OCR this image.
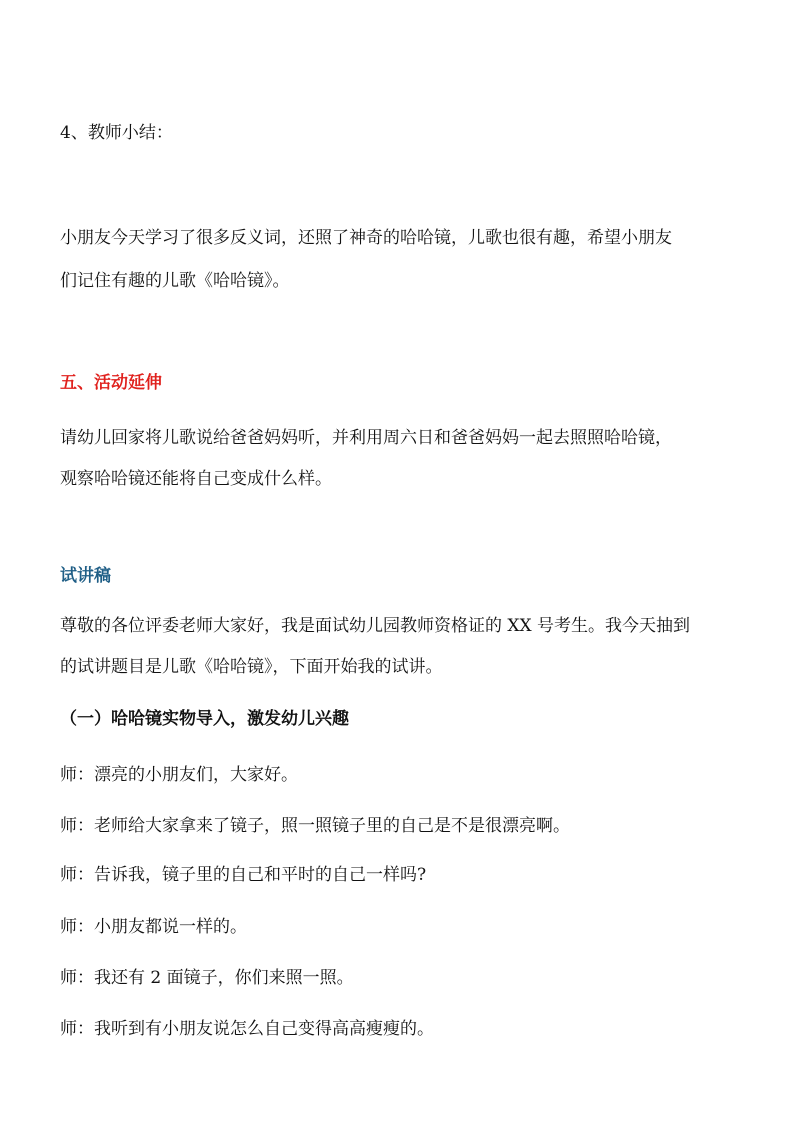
4、教师小结：
小朋友今天学习了很多反义词，还照了神奇的哈哈镜，儿歌也很有趣，希望小朋友
们记住有趣的儿歌《哈哈镜》。
五、活动延伸
请幼儿回家将儿歌说给爸爸妈妈听，并利用周六日和爸爸妈妈一起去照照哈哈镜，
观察哈哈镜还能将自己变成什么样。
试讲稿
尊敬的各位评委老师大家好，我是面试幼儿园教师资格证的 XX 号考生。我今天抽到
的试讲题目是儿歌《哈哈镜》，下面开始我的试讲。
（一）哈哈镜实物导入，激发幼儿兴趣
师：漂亮的小朋友们，大家好。
师：老师给大家拿来了镜子，照一照镜子里的自己是不是很漂亮啊。
师：告诉我，镜子里的自己和平时的自己一样吗?
师：小朋友都说一样的。
师：我还有 2 面镜子，你们来照一照。
师：我听到有小朋友说怎么自己变得高高瘦瘦的。
